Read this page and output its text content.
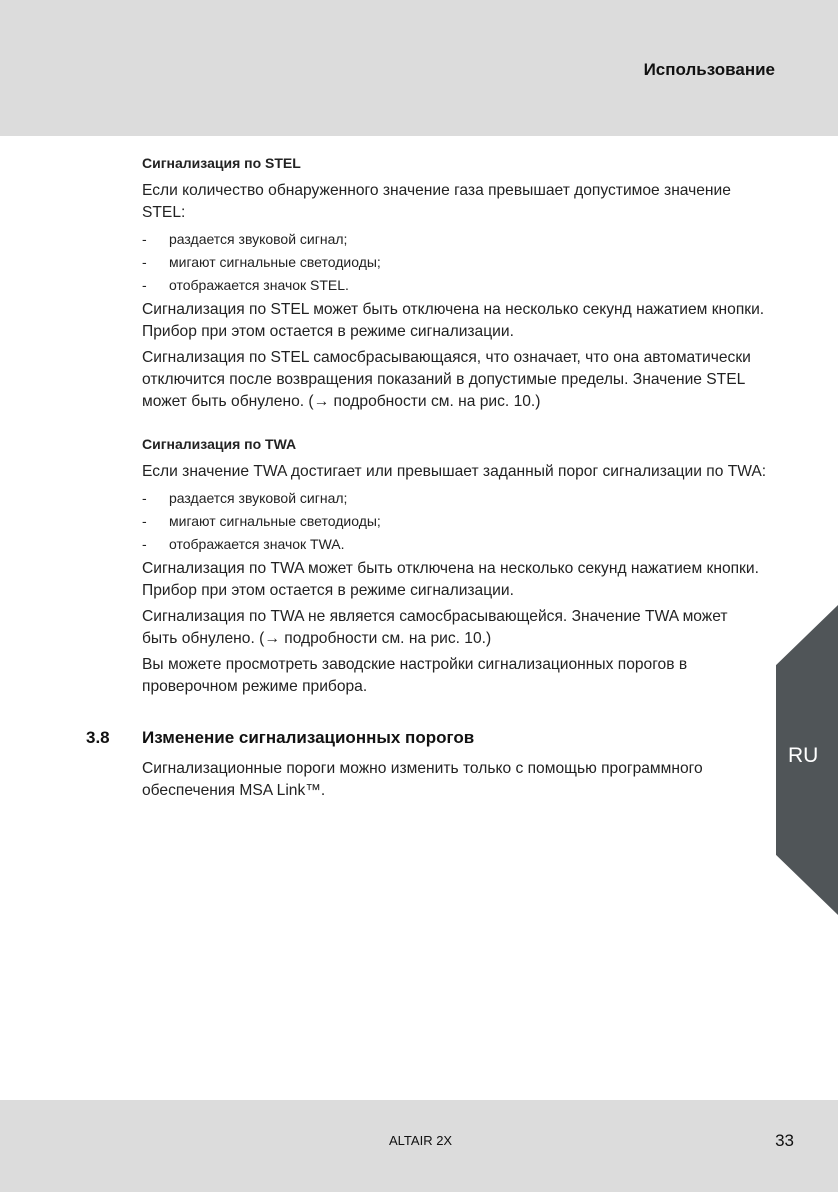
Использование
RU

Сигнализация по STEL

Если количество обнаруженного значение газа превышает допустимое значение STEL:

- раздается звуковой сигнал;
- мигают сигнальные светодиоды;
- отображается значок STEL.

Сигнализация по STEL может быть отключена на несколько секунд нажатием кнопки. Прибор при этом остается в режиме сигнализации.

Сигнализация по STEL самосбрасывающаяся, что означает, что она автоматически отключится после возвращения показаний в допустимые пределы. Значение STEL может быть обнулено. (→ подробности см. на рис. 10.)

Сигнализация по TWA

Если значение TWA достигает или превышает заданный порог сигнализации по TWA:

- раздается звуковой сигнал;
- мигают сигнальные светодиоды;
- отображается значок TWA.

Сигнализация по TWA может быть отключена на несколько секунд нажатием кнопки. Прибор при этом остается в режиме сигнализации.

Сигнализация по TWA не является самосбрасывающейся. Значение TWA может быть обнулено. (→ подробности см. на рис. 10.)

Вы можете просмотреть заводские настройки сигнализационных порогов в проверочном режиме прибора.

3.8 Изменение сигнализационных порогов

Сигнализационные пороги можно изменить только с помощью программного обеспечения MSA Link™.

ALTAIR 2X	33
